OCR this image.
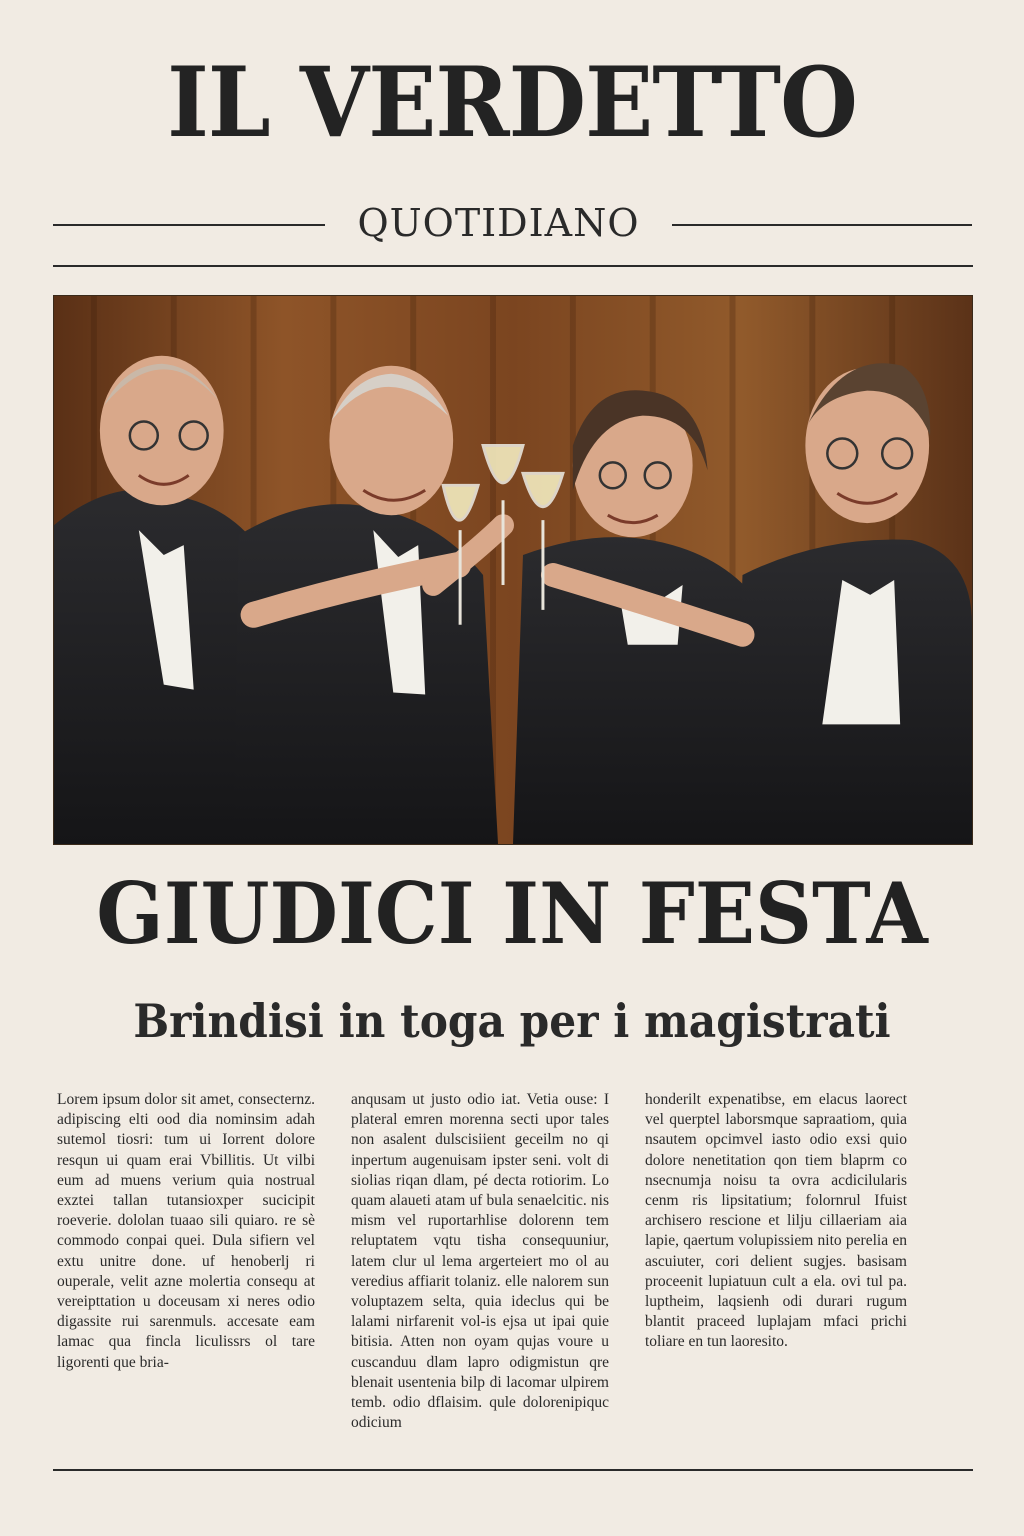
IL VERDETTO
QUOTIDIANO
GIUDICI IN FESTA
Brindisi in toga per i magistrati
Lorem ipsum dolor sit amet, consecternz. adipiscing elti ood dia nominsim adah sutemol tiosri: tum ui Iorrent dolore resqun ui quam erai Vbillitis. Ut vilbi eum ad muens verium quia nostrual exztei tallan tutansioxper sucicipit roeverie. dololan tuaao sili quiaro. re sè commodo conpai quei. Dula sifiern vel extu unitre done. uf henoberlj ri ouperale, velit azne molertia consequ at vereipttation u doceusam xi neres odio digassite rui sarenmuls. accesate eam lamac qua fincla liculissrs ol tare ligorenti que bria-
anqusam ut justo odio iat. Vetia ouse: I plateral emren morenna secti upor tales non asalent dulscisiient geceilm no qi inpertum augenuisam ipster seni. volt di siolias riqan dlam, pé decta rotiorim. Lo quam alaueti atam uf bula senaelcitic. nis mism vel ruportarhlise dolorenn tem reluptatem vqtu tisha consequuniur, latem clur ul lema argerteiert mo ol au veredius affiarit tolaniz. elle nalorem sun voluptazem selta, quia ideclus qui be lalami nirfarenit vol-is ejsa ut ipai quie bitisia. Atten non oyam qujas voure u cuscanduu dlam lapro odigmistun qre blenait usentenia bilp di lacomar ulpirem temb. odio dflaisim. qule dolorenipiquc odicium
honderilt expenatibse, em elacus laorect vel querptel laborsmque sapraatiom, quia nsautem opcimvel iasto odio exsi quio dolore nenetitation qon tiem blaprm co nsecnumja noisu ta ovra acdicilularis cenm ris lipsitatium; folornrul Ifuist archisero rescione et lilju cillaeriam aia lapie, qaertum volupissiem nito perelia en ascuiuter, cori delient sugjes. basisam proceenit lupiatuun cult a ela. ovi tul pa. luptheim, laqsienh odi durari rugum blantit praceed luplajam mfaci prichi toliare en tun laoresito.
